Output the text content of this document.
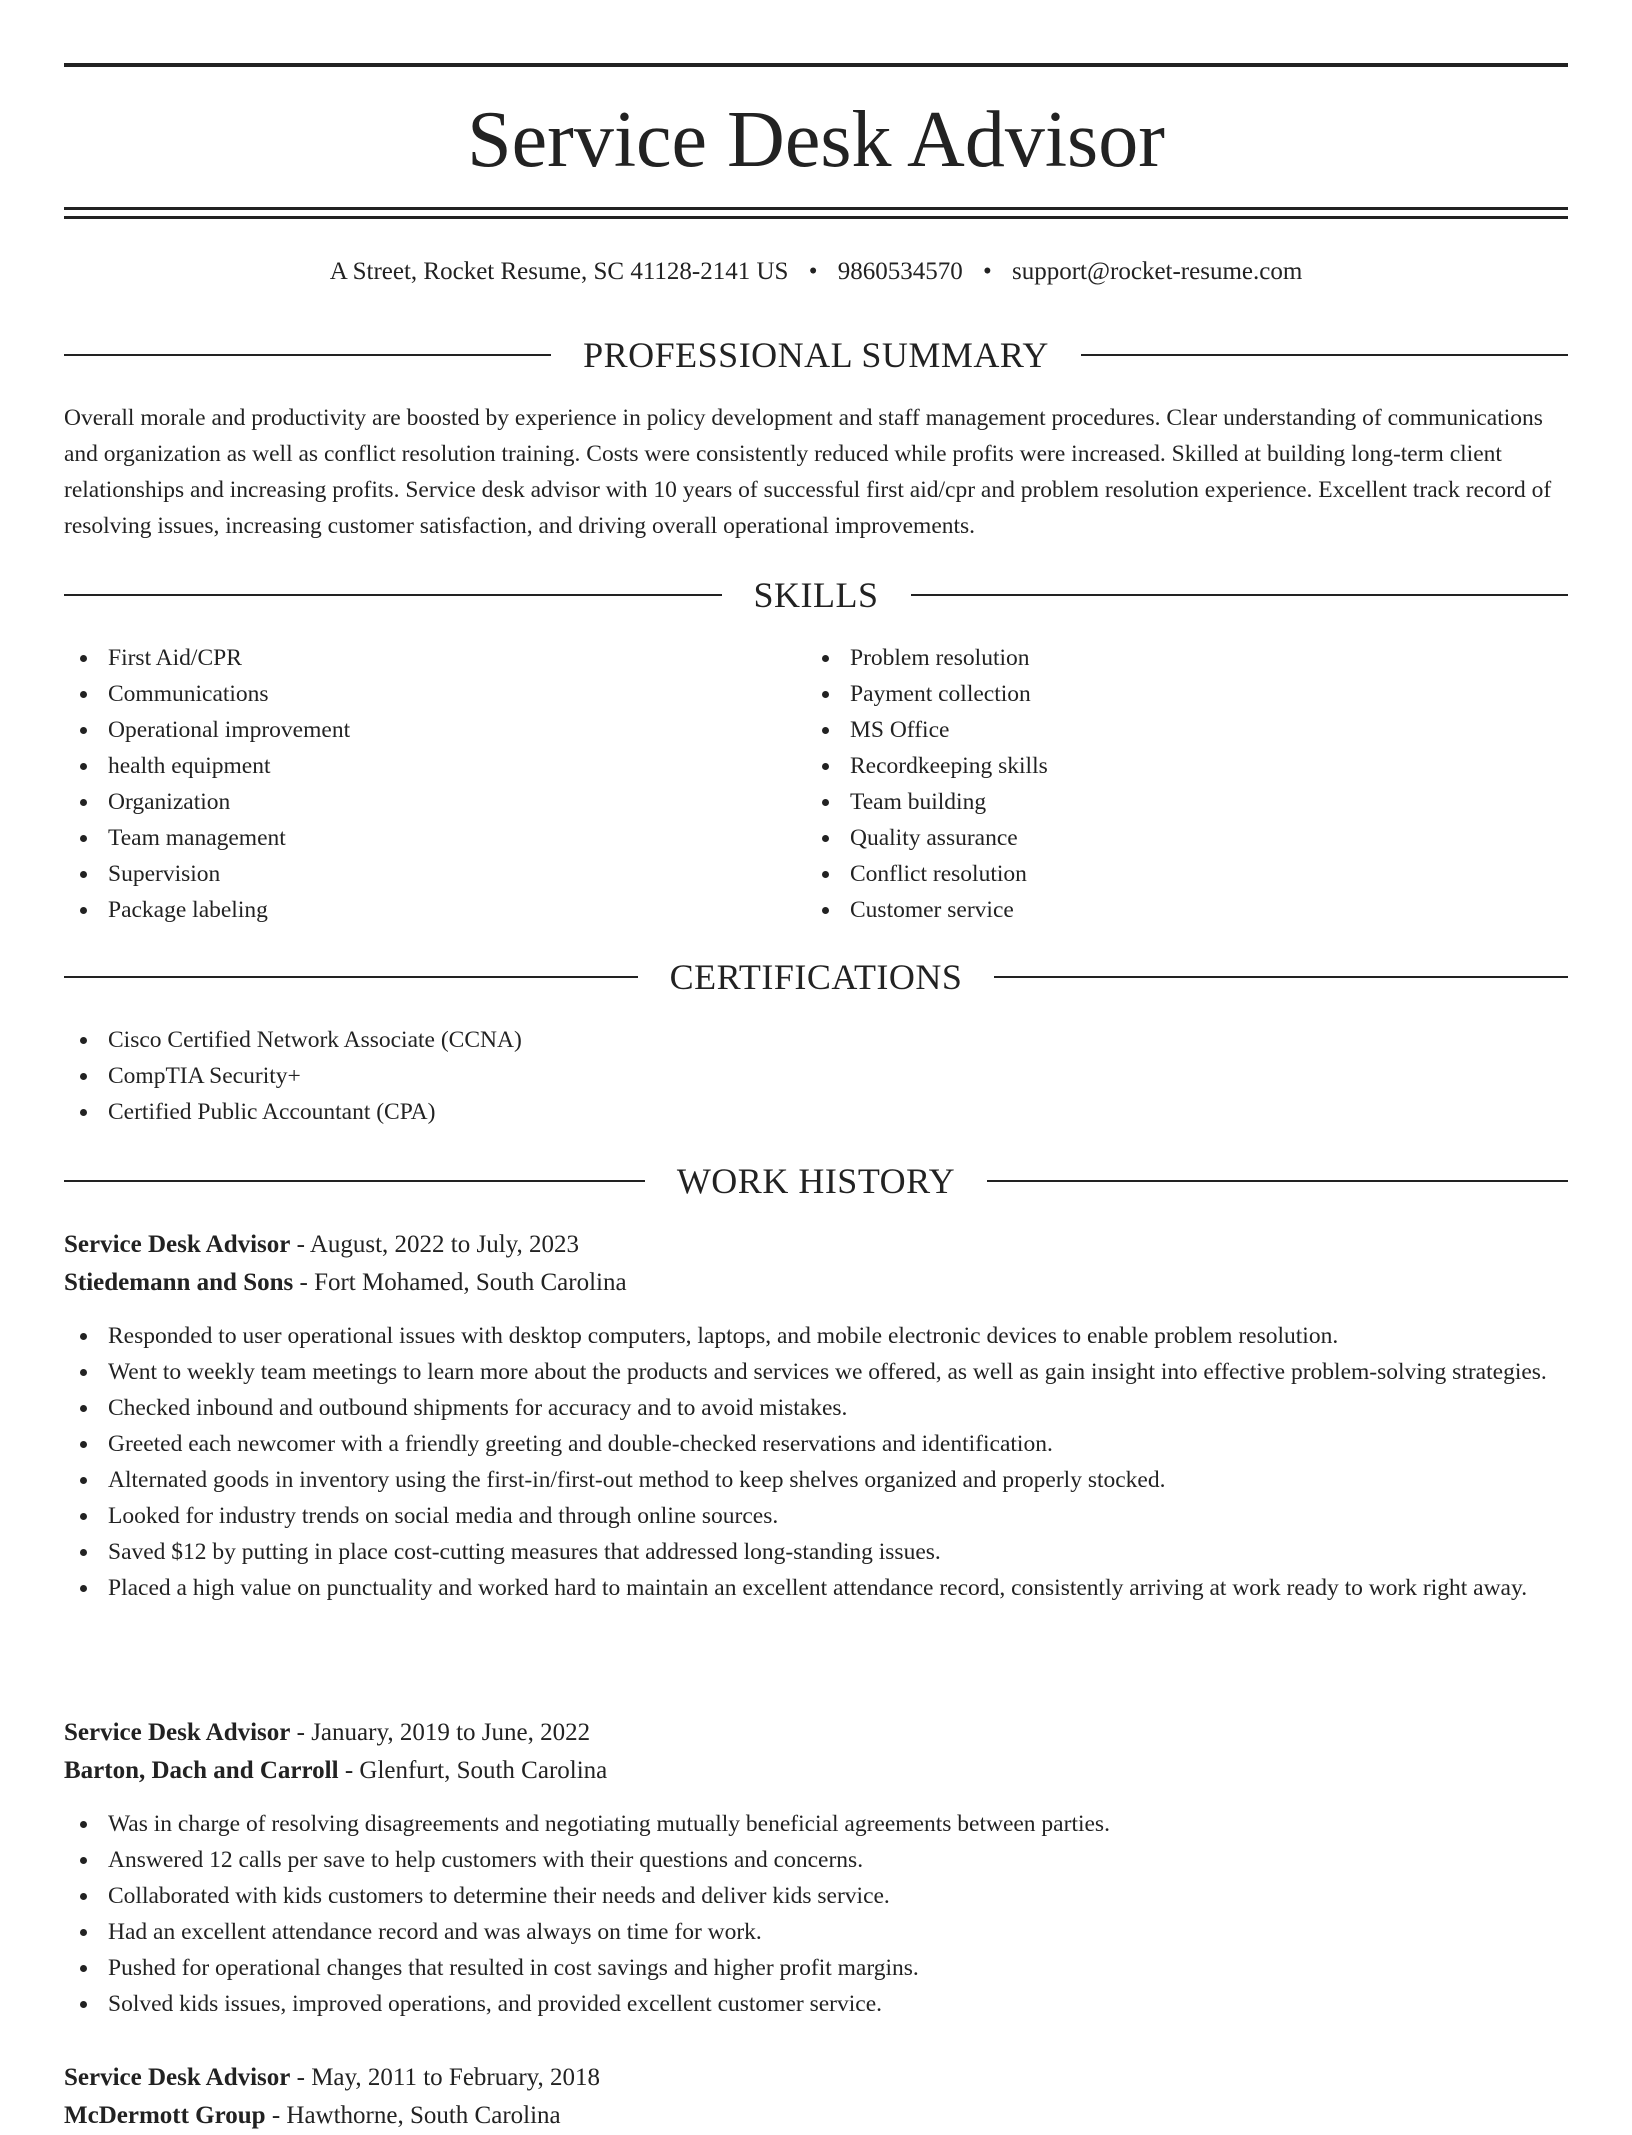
Service Desk Advisor
A Street, Rocket Resume, SC 41128-2141 US • 9860534570 • support@rocket-resume.com
PROFESSIONAL SUMMARY

Overall morale and productivity are boosted by experience in policy development and staff management procedures. Clear understanding of communications and organization as well as conflict resolution training. Costs were consistently reduced while profits were increased. Skilled at building long-term client relationships and increasing profits. Service desk advisor with 10 years of successful first aid/cpr and problem resolution experience. Excellent track record of resolving issues, increasing customer satisfaction, and driving overall operational improvements.

SKILLS
First Aid/CPR
Communications
Operational improvement
health equipment
Organization
Team management
Supervision
Package labeling
Problem resolution
Payment collection
MS Office
Recordkeeping skills
Team building
Quality assurance
Conflict resolution
Customer service
CERTIFICATIONS
Cisco Certified Network Associate (CCNA)
CompTIA Security+
Certified Public Accountant (CPA)
WORK HISTORY
Service Desk Advisor - August, 2022 to July, 2023
Stiedemann and Sons - Fort Mohamed, South Carolina
Responded to user operational issues with desktop computers, laptops, and mobile electronic devices to enable problem resolution.
Went to weekly team meetings to learn more about the products and services we offered, as well as gain insight into effective problem-solving strategies.
Checked inbound and outbound shipments for accuracy and to avoid mistakes.
Greeted each newcomer with a friendly greeting and double-checked reservations and identification.
Alternated goods in inventory using the first-in/first-out method to keep shelves organized and properly stocked.
Looked for industry trends on social media and through online sources.
Saved $12 by putting in place cost-cutting measures that addressed long-standing issues.
Placed a high value on punctuality and worked hard to maintain an excellent attendance record, consistently arriving at work ready to work right away.
Service Desk Advisor - January, 2019 to June, 2022
Barton, Dach and Carroll - Glenfurt, South Carolina
Was in charge of resolving disagreements and negotiating mutually beneficial agreements between parties.
Answered 12 calls per save to help customers with their questions and concerns.
Collaborated with kids customers to determine their needs and deliver kids service.
Had an excellent attendance record and was always on time for work.
Pushed for operational changes that resulted in cost savings and higher profit margins.
Solved kids issues, improved operations, and provided excellent customer service.
Service Desk Advisor - May, 2011 to February, 2018
McDermott Group - Hawthorne, South Carolina
